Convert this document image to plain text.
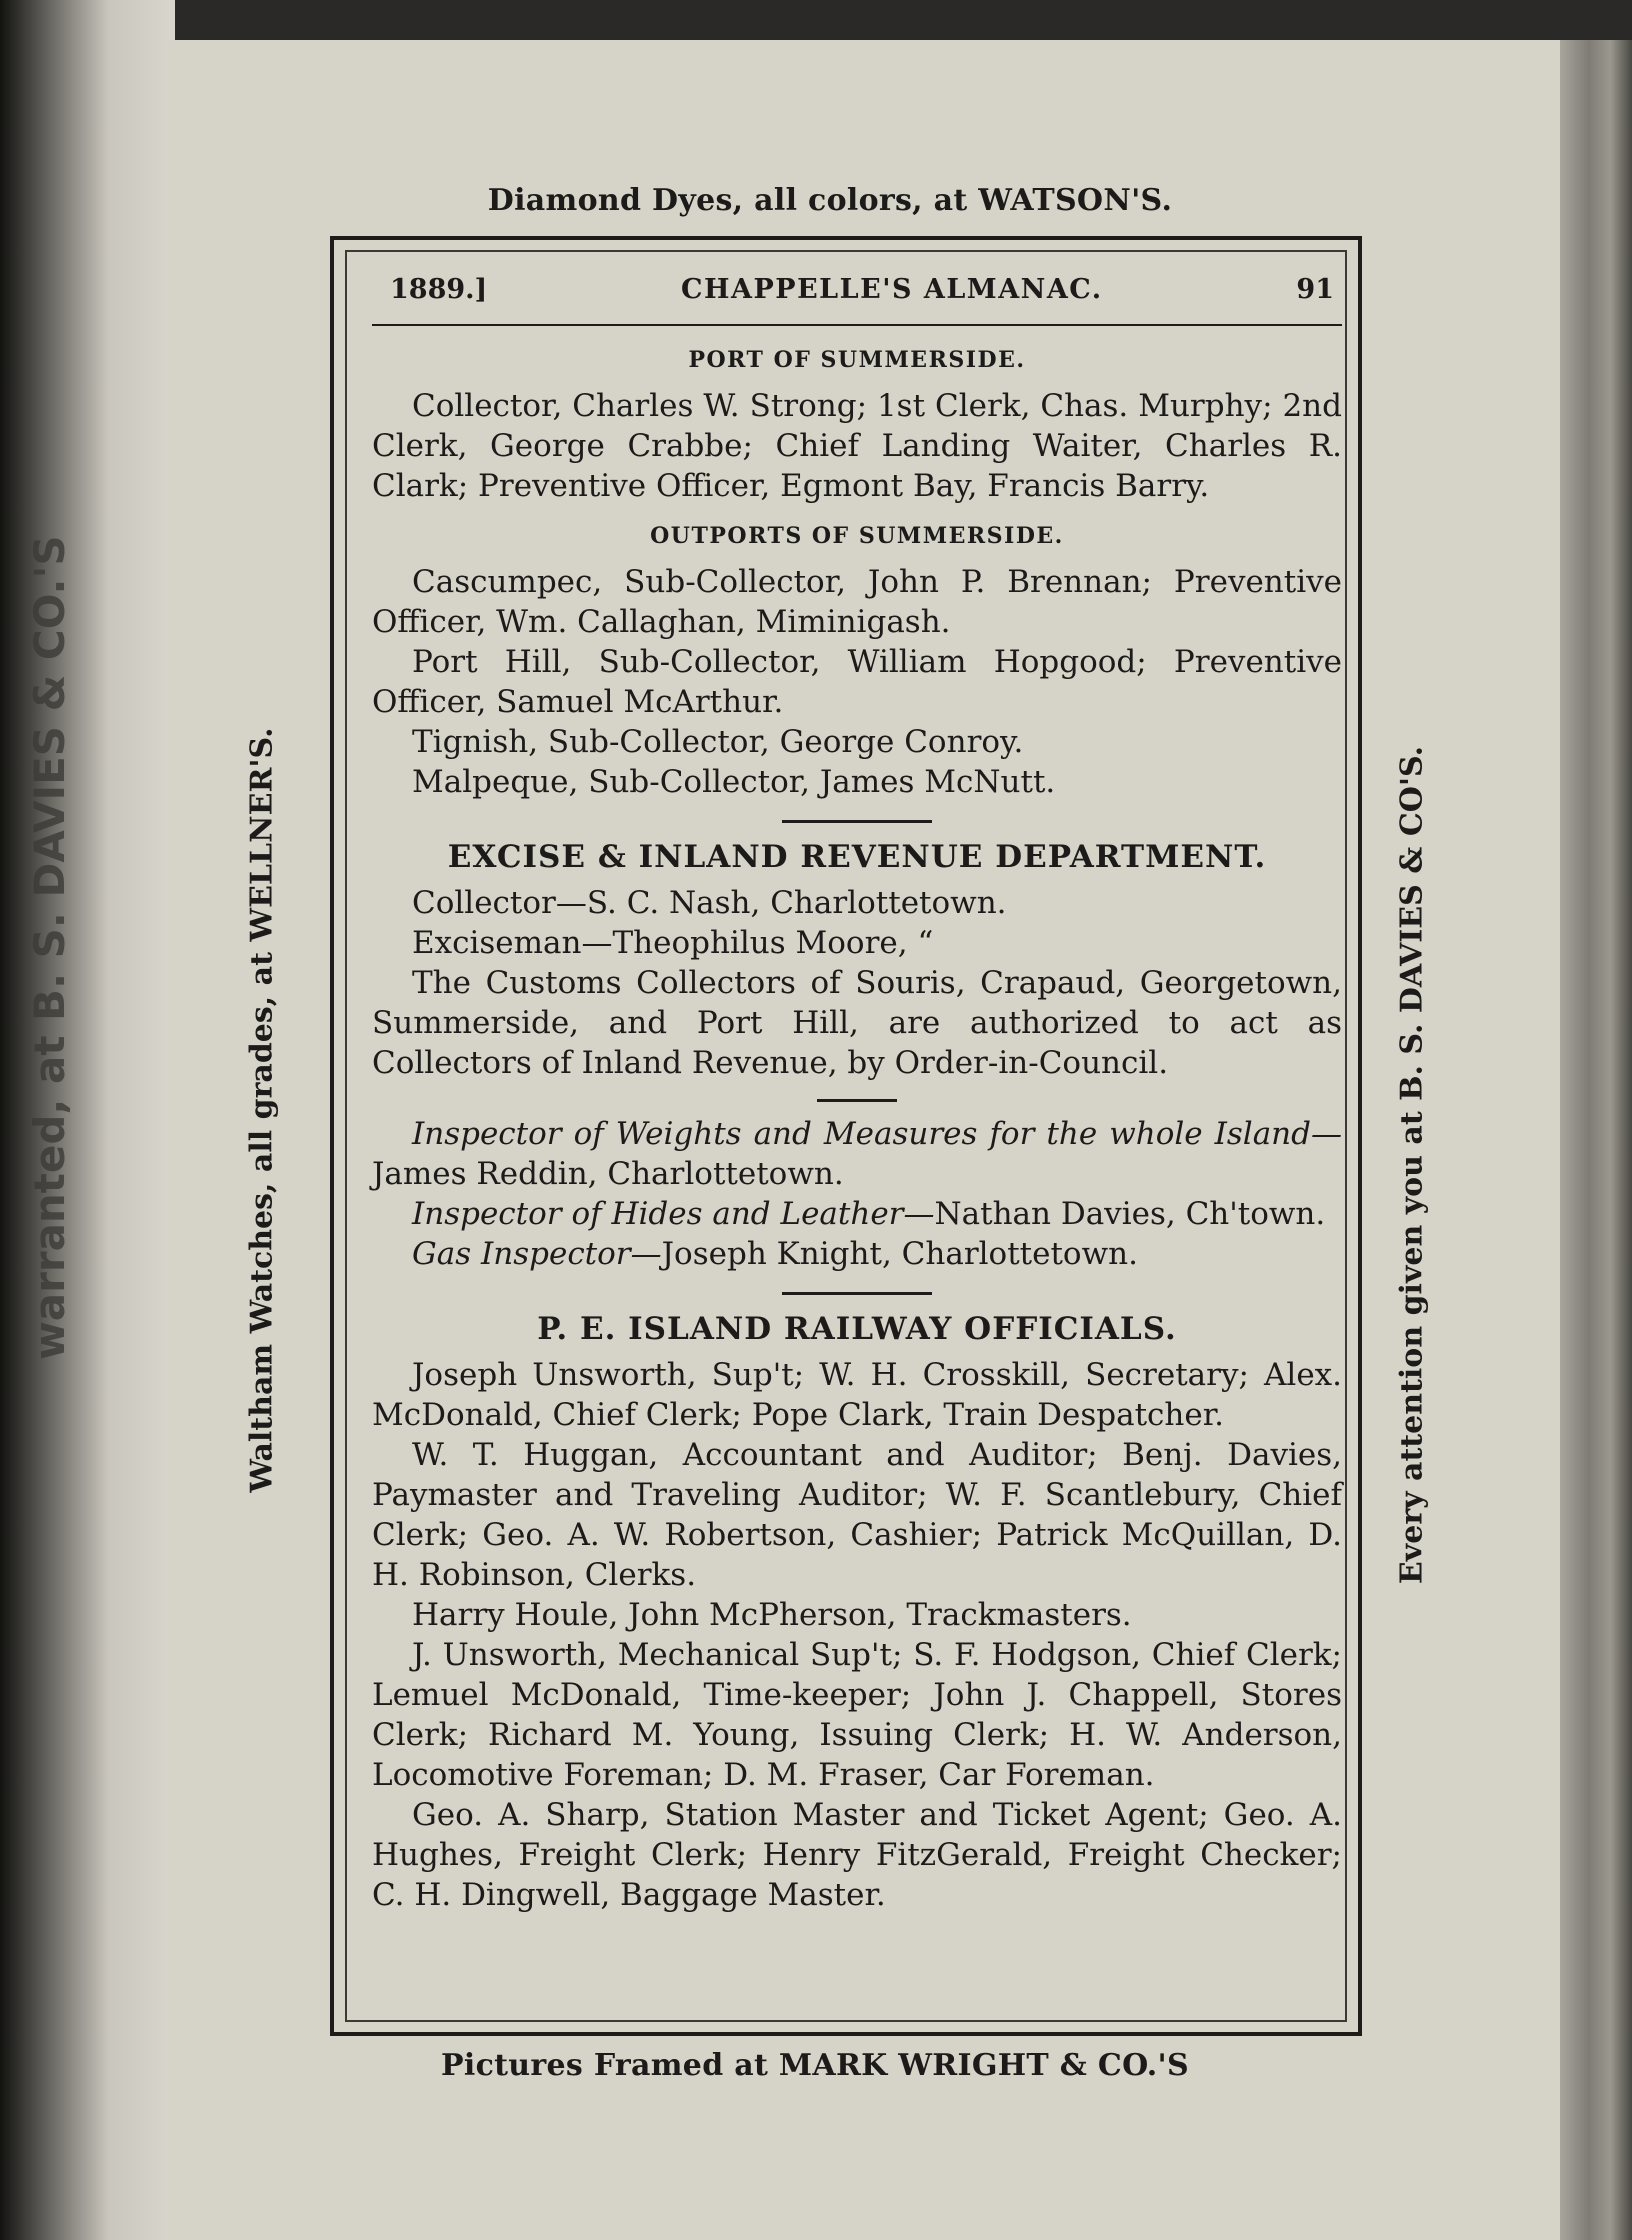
warranted, at B. S. DAVIES & CO.'S
Diamond Dyes, all colors, at WATSON'S.
Waltham Watches, all grades, at WELLNER'S.	Every attention given you at B. S. DAVIES & CO'S.
1889.]	CHAPPELLE'S ALMANAC.	91
PORT OF SUMMERSIDE.

Collector, Charles W. Strong; 1st Clerk, Chas. Murphy; 2nd Clerk, George Crabbe; Chief Landing Waiter, Charles R. Clark; Preventive Officer, Egmont Bay, Francis Barry.

OUTPORTS OF SUMMERSIDE.

Cascumpec, Sub-Collector, John P. Brennan; Preventive Officer, Wm. Callaghan, Miminigash.

Port Hill, Sub-Collector, William Hopgood; Preventive Officer, Samuel McArthur.

Tignish, Sub-Collector, George Conroy.

Malpeque, Sub-Collector, James McNutt.

EXCISE & INLAND REVENUE DEPARTMENT.

Collector—S. C. Nash, Charlottetown.

Exciseman—Theophilus Moore, “

The Customs Collectors of Souris, Crapaud, Georgetown, Summerside, and Port Hill, are authorized to act as Collectors of Inland Revenue, by Order-in-Council.

Inspector of Weights and Measures for the whole Island— James Reddin, Charlottetown.

Inspector of Hides and Leather—Nathan Davies, Ch'town.

Gas Inspector—Joseph Knight, Charlottetown.

P. E. ISLAND RAILWAY OFFICIALS.

Joseph Unsworth, Sup't; W. H. Crosskill, Secretary; Alex. McDonald, Chief Clerk; Pope Clark, Train Despatcher.

W. T. Huggan, Accountant and Auditor; Benj. Davies, Paymaster and Traveling Auditor; W. F. Scantlebury, Chief Clerk; Geo. A. W. Robertson, Cashier; Patrick McQuillan, D. H. Robinson, Clerks.

Harry Houle, John McPherson, Trackmasters.

J. Unsworth, Mechanical Sup't; S. F. Hodgson, Chief Clerk; Lemuel McDonald, Time-keeper; John J. Chappell, Stores Clerk; Richard M. Young, Issuing Clerk; H. W. Anderson, Locomotive Foreman; D. M. Fraser, Car Foreman.

Geo. A. Sharp, Station Master and Ticket Agent; Geo. A. Hughes, Freight Clerk; Henry FitzGerald, Freight Checker; C. H. Dingwell, Baggage Master.

Pictures Framed at MARK WRIGHT & CO.'S
